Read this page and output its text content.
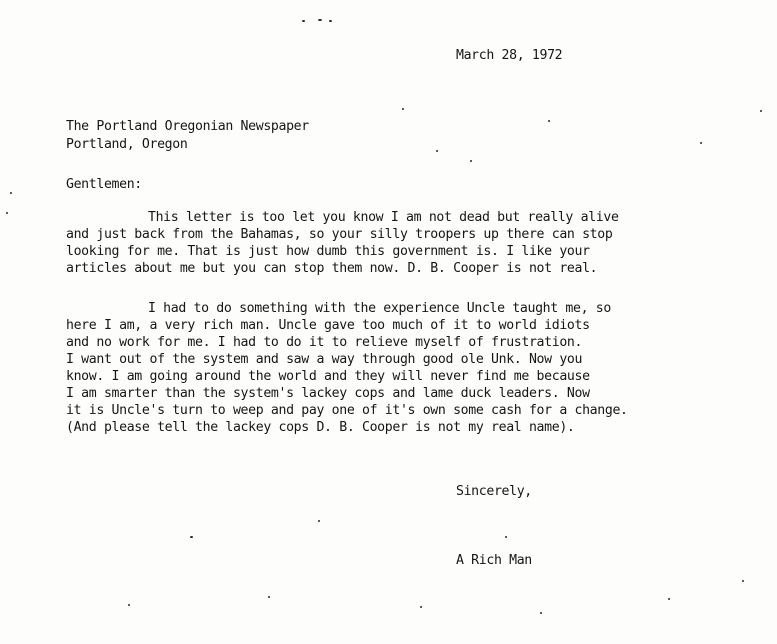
March 28, 1972
The Portland Oregonian Newspaper
Portland, Oregon
Gentlemen:
This letter is too let you know I am not dead but really alive
and just back from the Bahamas, so your silly troopers up there can stop
looking for me. That is just how dumb this government is. I like your
articles about me but you can stop them now. D. B. Cooper is not real.
I had to do something with the experience Uncle taught me, so
here I am, a very rich man. Uncle gave too much of it to world idiots
and no work for me. I had to do it to relieve myself of frustration.
I want out of the system and saw a way through good ole Unk. Now you
know. I am going around the world and they will never find me because
I am smarter than the system's lackey cops and lame duck leaders. Now
it is Uncle's turn to weep and pay one of it's own some cash for a change.
(And please tell the lackey cops D. B. Cooper is not my real name).
Sincerely,
A Rich Man
